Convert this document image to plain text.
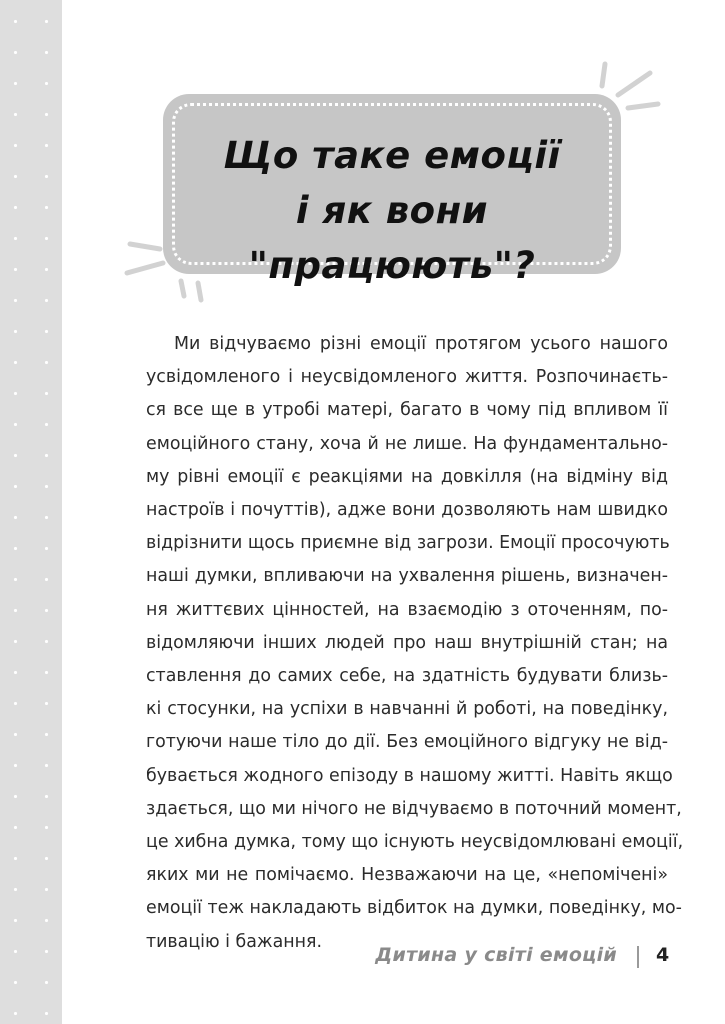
Що таке емоції
і як вони "працюють"?
Ми відчуваємо різні емоції протягом усього нашого
усвідомленого і неусвідомленого життя. Розпочинаєть-
ся все ще в утробі матері, багато в чому під впливом її
емоційного стану, хоча й не лише. На фундаментально-
му рівні емоції є реакціями на довкілля (на відміну від
настроїв і почуттів), адже вони дозволяють нам швидко
відрізнити щось приємне від загрози. Емоції просочують
наші думки, впливаючи на ухвалення рішень, визначен-
ня життєвих цінностей, на взаємодію з оточенням, по-
відомляючи інших людей про наш внутрішній стан; на
ставлення до самих себе, на здатність будувати близь-
кі стосунки, на успіхи в навчанні й роботі, на поведінку,
готуючи наше тіло до дії. Без емоційного відгуку не від-
бувається жодного епізоду в нашому житті. Навіть якщо
здається, що ми нічого не відчуваємо в поточний момент,
це хибна думка, тому що існують неусвідомлювані емоції,
яких ми не помічаємо. Незважаючи на це, «непомічені»
емоції теж накладають відбиток на думки, поведінку, мо-
тивацію і бажання.
Дитина у світі емоцій 4
